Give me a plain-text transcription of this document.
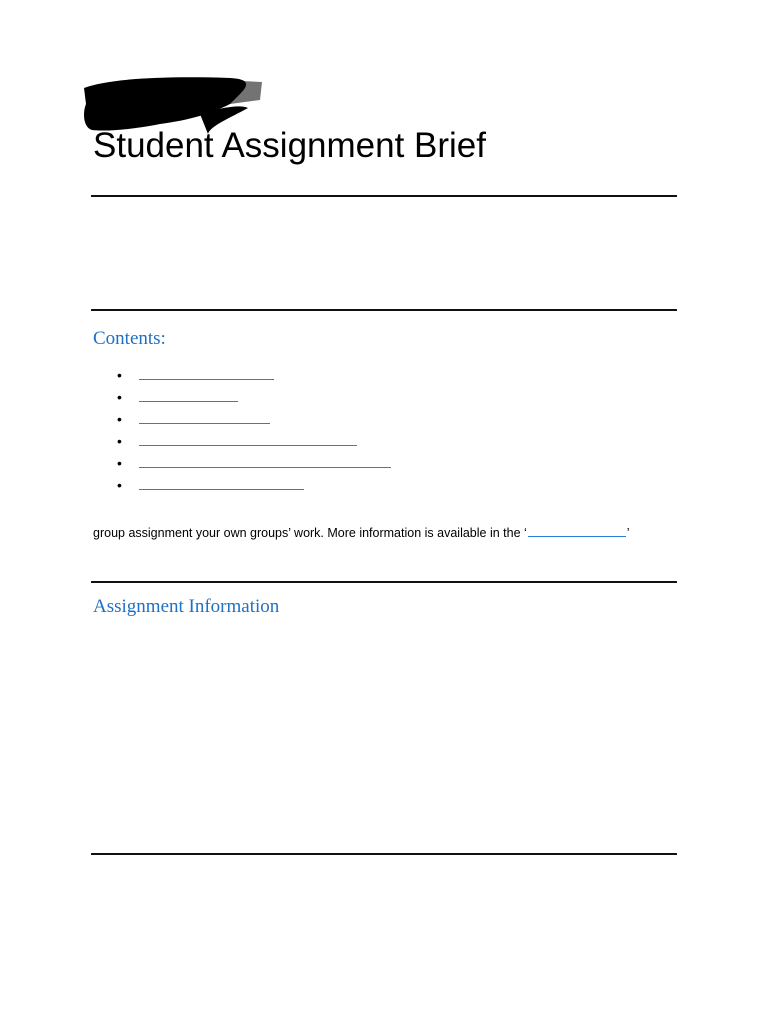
Student Assignment Brief
Contents:
•
•
•
•
•
•
group assignment your own groups’ work. More information is available in the ‘	’
Assignment Information
